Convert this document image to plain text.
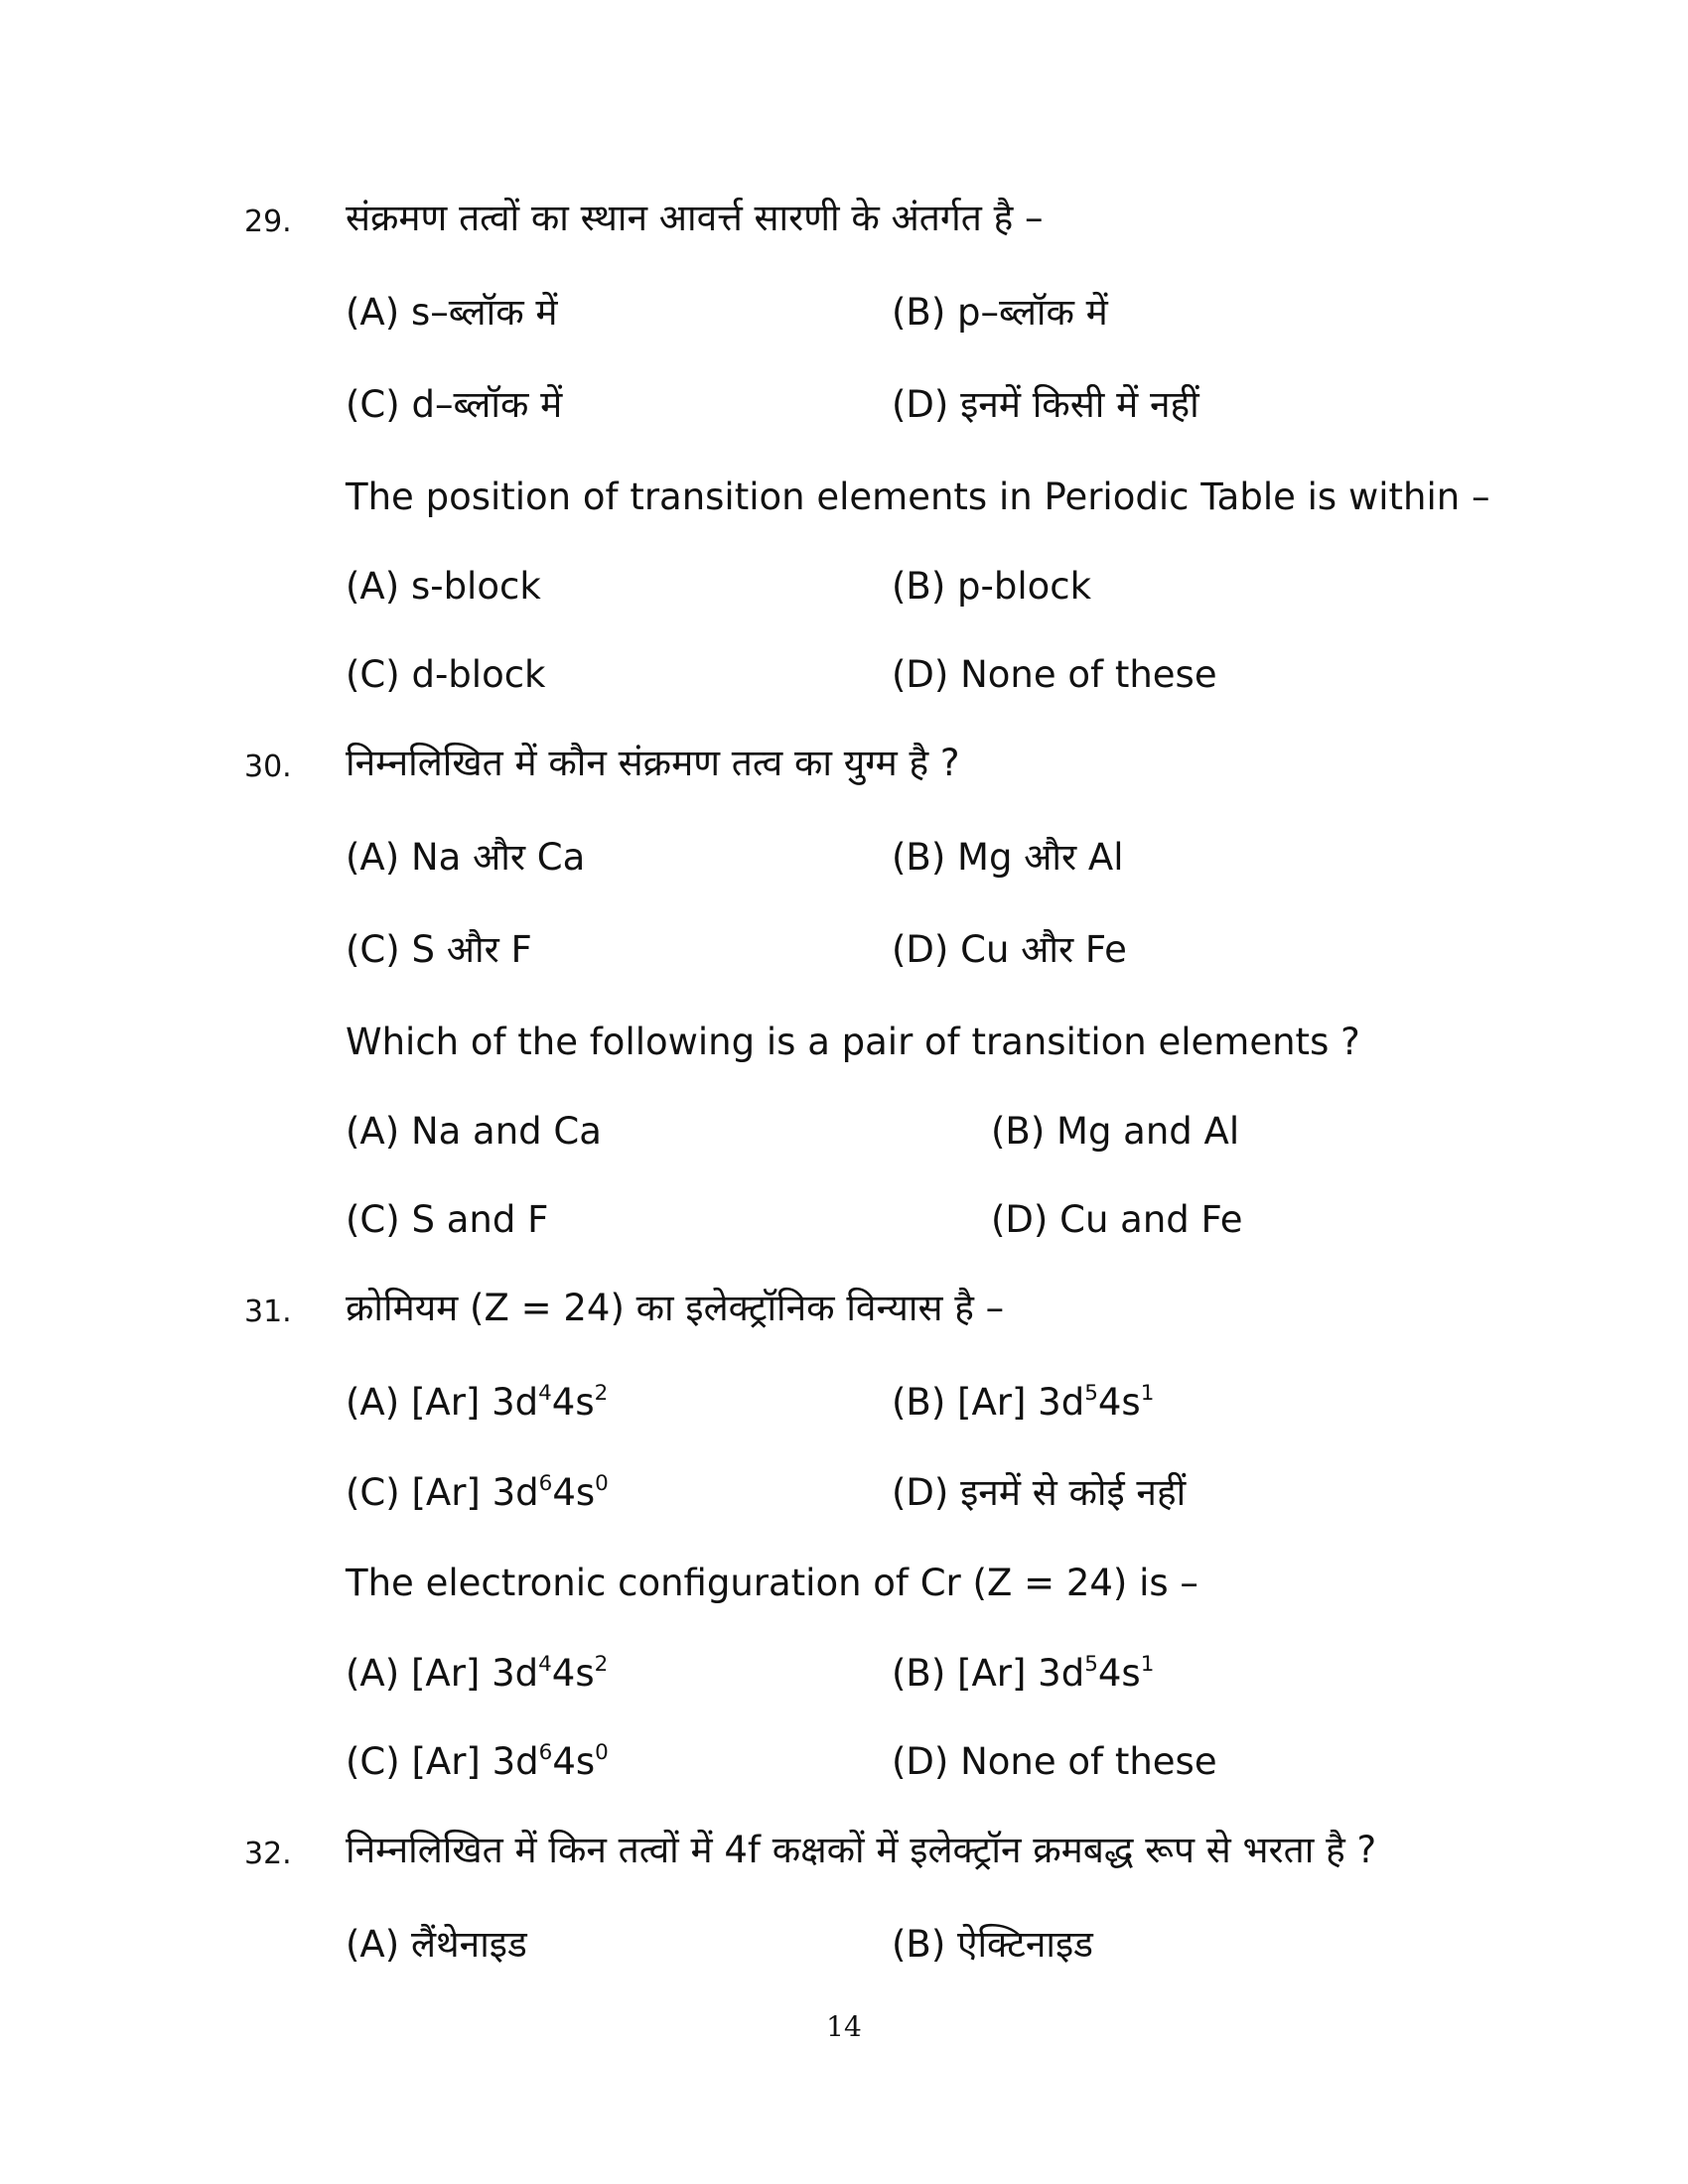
29. संक्रमण तत्वों का स्थान आवर्त्त सारणी के अंतर्गत है –
(A) s–ब्लॉक में	(B) p–ब्लॉक में
(C) d–ब्लॉक में	(D) इनमें किसी में नहीं
The position of transition elements in Periodic Table is within –
(A) s-block	(B) p-block
(C) d-block	(D) None of these
30. निम्नलिखित में कौन संक्रमण तत्व का युग्म है ?
(A) Na और Ca	(B) Mg और Al
(C) S और F	(D) Cu और Fe
Which of the following is a pair of transition elements ?
(A) Na and Ca	(B) Mg and Al
(C) S and F	(D) Cu and Fe
31. क्रोमियम (Z = 24) का इलेक्ट्रॉनिक विन्यास है –
(A) [Ar] $3d^44s^2$	(B) [Ar] $3d^54s^1$
(C) [Ar] $3d^64s^0$	(D) इनमें से कोई नहीं
The electronic configuration of Cr (Z = 24) is –
(A) [Ar] $3d^44s^2$	(B) [Ar] $3d^54s^1$
(C) [Ar] $3d^64s^0$	(D) None of these
32. निम्नलिखित में किन तत्वों में 4f कक्षकों में इलेक्ट्रॉन क्रमबद्ध रूप से भरता है ?
(A) लैंथेनाइड	(B) ऐक्टिनाइड
14
